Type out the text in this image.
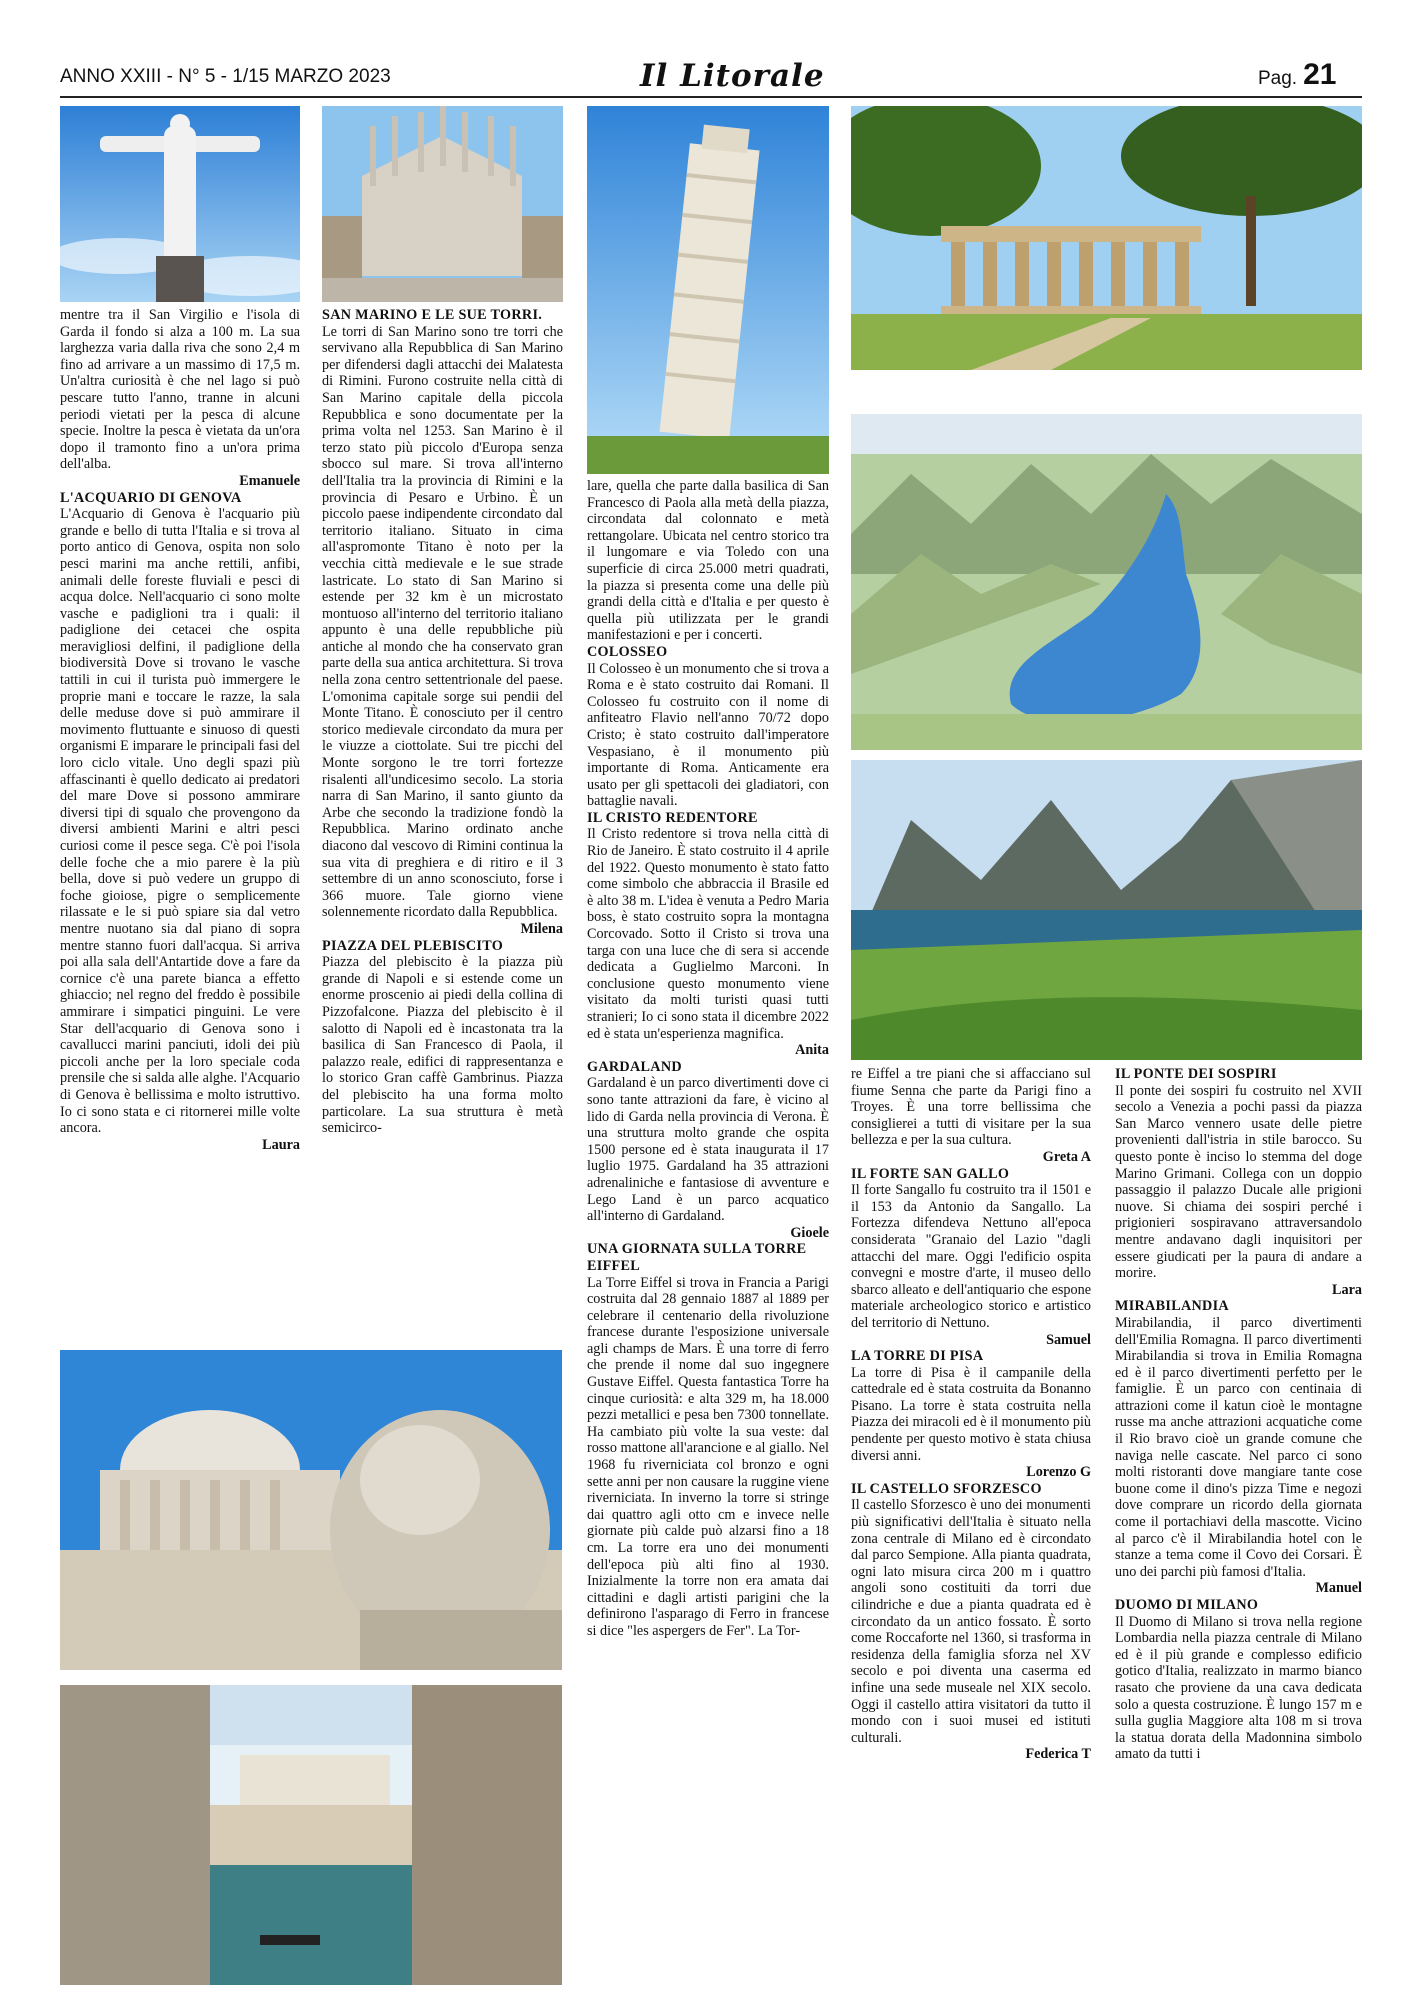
ANNO XXIII - N° 5 - 1/15 MARZO 2023	Il Litorale	Pag. 21

mentre tra il San Virgilio e l'isola di Garda il fondo si alza a 100 m. La sua larghezza varia dalla riva che sono 2,4 m fino ad arrivare a un massimo di 17,5 m. Un'altra curiosità è che nel lago si può pescare tutto l'anno, tranne in alcuni periodi vietati per la pesca di alcune specie. Inoltre la pesca è vietata da un'ora dopo il tramonto fino a un'ora prima dell'alba.

Emanuele

L'ACQUARIO DI GENOVA

L'Acquario di Genova è l'acquario più grande e bello di tutta l'Italia e si trova al porto antico di Genova, ospita non solo pesci marini ma anche rettili, anfibi, animali delle foreste fluviali e pesci di acqua dolce. Nell'acquario ci sono molte vasche e padiglioni tra i quali: il padiglione dei cetacei che ospita meravigliosi delfini, il padiglione della biodiversità Dove si trovano le vasche tattili in cui il turista può immergere le proprie mani e toccare le razze, la sala delle meduse dove si può ammirare il movimento fluttuante e sinuoso di questi organismi E imparare le principali fasi del loro ciclo vitale. Uno degli spazi più affascinanti è quello dedicato ai predatori del mare Dove si possono ammirare diversi tipi di squalo che provengono da diversi ambienti Marini e altri pesci curiosi come il pesce sega. C'è poi l'isola delle foche che a mio parere è la più bella, dove si può vedere un gruppo di foche gioiose, pigre o semplicemente rilassate e le si può spiare sia dal vetro mentre nuotano sia dal piano di sopra mentre stanno fuori dall'acqua. Si arriva poi alla sala dell'Antartide dove a fare da cornice c'è una parete bianca a effetto ghiaccio; nel regno del freddo è possibile ammirare i simpatici pinguini. Le vere Star dell'acquario di Genova sono i cavallucci marini panciuti, idoli dei più piccoli anche per la loro speciale coda prensile che si salda alle alghe. l'Acquario di Genova è bellissima e molto istruttivo. Io ci sono stata e ci ritornerei mille volte ancora.

Laura

SAN MARINO E LE SUE TORRI.

Le torri di San Marino sono tre torri che servivano alla Repubblica di San Marino per difendersi dagli attacchi dei Malatesta di Rimini. Furono costruite nella città di San Marino capitale della piccola Repubblica e sono documentate per la prima volta nel 1253. San Marino è il terzo stato più piccolo d'Europa senza sbocco sul mare. Si trova all'interno dell'Italia tra la provincia di Rimini e la provincia di Pesaro e Urbino. È un piccolo paese indipendente circondato dal territorio italiano. Situato in cima all'aspromonte Titano è noto per la vecchia città medievale e le sue strade lastricate. Lo stato di San Marino si estende per 32 km è un microstato montuoso all'interno del territorio italiano appunto è una delle repubbliche più antiche al mondo che ha conservato gran parte della sua antica architettura. Si trova nella zona centro settentrionale del paese. L'omonima capitale sorge sui pendii del Monte Titano. È conosciuto per il centro storico medievale circondato da mura per le viuzze a ciottolate. Sui tre picchi del Monte sorgono le tre torri fortezze risalenti all'undicesimo secolo. La storia narra di San Marino, il santo giunto da Arbe che secondo la tradizione fondò la Repubblica. Marino ordinato anche diacono dal vescovo di Rimini continua la sua vita di preghiera e di ritiro e il 3 settembre di un anno sconosciuto, forse i 366 muore. Tale giorno viene solennemente ricordato dalla Repubblica.

Milena

PIAZZA DEL PLEBISCITO

Piazza del plebiscito è la piazza più grande di Napoli e si estende come un enorme proscenio ai piedi della collina di Pizzofalcone. Piazza del plebiscito è il salotto di Napoli ed è incastonata tra la basilica di San Francesco di Paola, il palazzo reale, edifici di rappresentanza e lo storico Gran caffè Gambrinus. Piazza del plebiscito ha una forma molto particolare. La sua struttura è metà semicirco-

lare, quella che parte dalla basilica di San Francesco di Paola alla metà della piazza, circondata dal colonnato e metà rettangolare. Ubicata nel centro storico tra il lungomare e via Toledo con una superficie di circa 25.000 metri quadrati, la piazza si presenta come una delle più grandi della città e d'Italia e per questo è quella più utilizzata per le grandi manifestazioni e per i concerti.

COLOSSEO

Il Colosseo è un monumento che si trova a Roma e è stato costruito dai Romani. Il Colosseo fu costruito con il nome di anfiteatro Flavio nell'anno 70/72 dopo Cristo; è stato costruito dall'imperatore Vespasiano, è il monumento più importante di Roma. Anticamente era usato per gli spettacoli dei gladiatori, con battaglie navali.

IL CRISTO REDENTORE

Il Cristo redentore si trova nella città di Rio de Janeiro. È stato costruito il 4 aprile del 1922. Questo monumento è stato fatto come simbolo che abbraccia il Brasile ed è alto 38 m. L'idea è venuta a Pedro Maria boss, è stato costruito sopra la montagna Corcovado. Sotto il Cristo si trova una targa con una luce che di sera si accende dedicata a Guglielmo Marconi. In conclusione questo monumento viene visitato da molti turisti quasi tutti stranieri; Io ci sono stata il dicembre 2022 ed è stata un'esperienza magnifica.

Anita

GARDALAND

Gardaland è un parco divertimenti dove ci sono tante attrazioni da fare, è vicino al lido di Garda nella provincia di Verona. È una struttura molto grande che ospita 1500 persone ed è stata inaugurata il 17 luglio 1975. Gardaland ha 35 attrazioni adrenaliniche e fantasiose di avventure e Lego Land è un parco acquatico all'interno di Gardaland.

Gioele

UNA GIORNATA SULLA TORRE EIFFEL

La Torre Eiffel si trova in Francia a Parigi costruita dal 28 gennaio 1887 al 1889 per celebrare il centenario della rivoluzione francese durante l'esposizione universale agli champs de Mars. È una torre di ferro che prende il nome dal suo ingegnere Gustave Eiffel. Questa fantastica Torre ha cinque curiosità: e alta 329 m, ha 18.000 pezzi metallici e pesa ben 7300 tonnellate. Ha cambiato più volte la sua veste: dal rosso mattone all'arancione e al giallo. Nel 1968 fu riverniciata col bronzo e ogni sette anni per non causare la ruggine viene riverniciata. In inverno la torre si stringe dai quattro agli otto cm e invece nelle giornate più calde può alzarsi fino a 18 cm. La torre era uno dei monumenti dell'epoca più alti fino al 1930. Inizialmente la torre non era amata dai cittadini e dagli artisti parigini che la definirono l'asparago di Ferro in francese si dice "les aspergers de Fer". La Tor-

re Eiffel a tre piani che si affacciano sul fiume Senna che parte da Parigi fino a Troyes. È una torre bellissima che consiglierei a tutti di visitare per la sua bellezza e per la sua cultura.

Greta A

IL FORTE SAN GALLO

Il forte Sangallo fu costruito tra il 1501 e il 153 da Antonio da Sangallo. La Fortezza difendeva Nettuno all'epoca considerata "Granaio del Lazio "dagli attacchi del mare. Oggi l'edificio ospita convegni e mostre d'arte, il museo dello sbarco alleato e dell'antiquario che espone materiale archeologico storico e artistico del territorio di Nettuno.

Samuel

LA TORRE DI PISA

La torre di Pisa è il campanile della cattedrale ed è stata costruita da Bonanno Pisano. La torre è stata costruita nella Piazza dei miracoli ed è il monumento più pendente per questo motivo è stata chiusa diversi anni.

Lorenzo G

IL CASTELLO SFORZESCO

Il castello Sforzesco è uno dei monumenti più significativi dell'Italia è situato nella zona centrale di Milano ed è circondato dal parco Sempione. Alla pianta quadrata, ogni lato misura circa 200 m i quattro angoli sono costituiti da torri due cilindriche e due a pianta quadrata ed è circondato da un antico fossato. È sorto come Roccaforte nel 1360, si trasforma in residenza della famiglia sforza nel XV secolo e poi diventa una caserma ed infine una sede museale nel XIX secolo. Oggi il castello attira visitatori da tutto il mondo con i suoi musei ed istituti culturali.

Federica T

IL PONTE DEI SOSPIRI

Il ponte dei sospiri fu costruito nel XVII secolo a Venezia a pochi passi da piazza San Marco vennero usate delle pietre provenienti dall'istria in stile barocco. Su questo ponte è inciso lo stemma del doge Marino Grimani. Collega con un doppio passaggio il palazzo Ducale alle prigioni nuove. Si chiama dei sospiri perché i prigionieri sospiravano attraversandolo mentre andavano dagli inquisitori per essere giudicati per la paura di andare a morire.

Lara

MIRABILANDIA

Mirabilandia, il parco divertimenti dell'Emilia Romagna. Il parco divertimenti Mirabilandia si trova in Emilia Romagna ed è il parco divertimenti perfetto per le famiglie. È un parco con centinaia di attrazioni come il katun cioè le montagne russe ma anche attrazioni acquatiche come il Rio bravo cioè un grande comune che naviga nelle cascate. Nel parco ci sono molti ristoranti dove mangiare tante cose buone come il dino's pizza Time e negozi dove comprare un ricordo della giornata come il portachiavi della mascotte. Vicino al parco c'è il Mirabilandia hotel con le stanze a tema come il Covo dei Corsari. È uno dei parchi più famosi d'Italia.

Manuel

DUOMO DI MILANO

Il Duomo di Milano si trova nella regione Lombardia nella piazza centrale di Milano ed è il più grande e complesso edificio gotico d'Italia, realizzato in marmo bianco rasato che proviene da una cava dedicata solo a questa costruzione. È lungo 157 m e sulla guglia Maggiore alta 108 m si trova la statua dorata della Madonnina simbolo amato da tutti i
